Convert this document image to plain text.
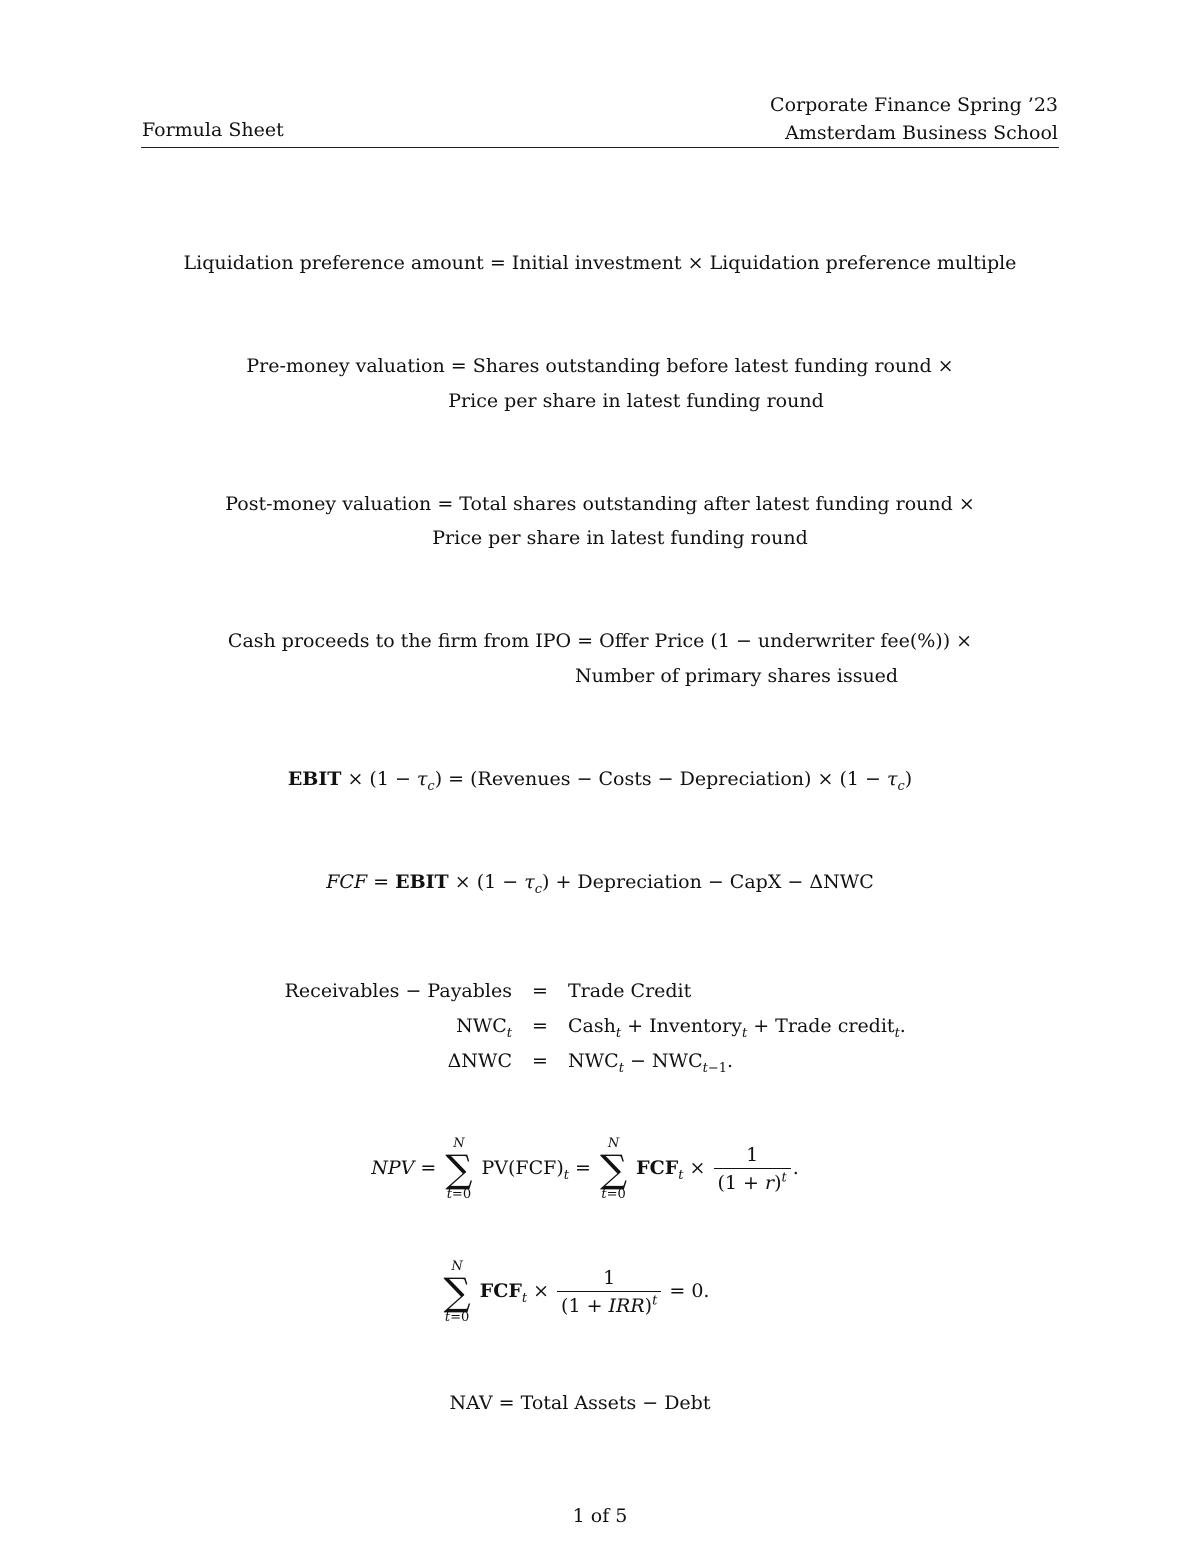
Formula Sheet
Corporate Finance Spring ’23
Amsterdam Business School
Liquidation preference amount = Initial investment × Liquidation preference multiple
Pre-money valuation = Shares outstanding before latest funding round ×
Price per share in latest funding round
Post-money valuation = Total shares outstanding after latest funding round ×
Price per share in latest funding round
Cash proceeds to the firm from IPO = Offer Price (1 − underwriter fee(%)) ×
Number of primary shares issued
EBIT × $(1 - \tau_c)$ = (Revenues − Costs − Depreciation) × $(1 - \tau_c)$
FCF = EBIT × $(1 - \tau_c)$ + Depreciation − CapX − ΔNWC
Receivables − Payables	=	Trade Credit
$NWC_t$	=	Cash$_t$ + Inventory$_t$ + Trade credit$_t$.
ΔNWC	=	$NWC_t - NWC_{t-1}$.
NPV =
N
∑
t=0
$PV(FCF)_t$ =
N
∑
t=0
$FCF_t \times \frac{1}{(1 + r)^t}$ .
N
∑
t=0
$FCF_t \times \frac{1}{(1 + IRR)^t} = 0$.
NAV = Total Assets − Debt
1 of 5
